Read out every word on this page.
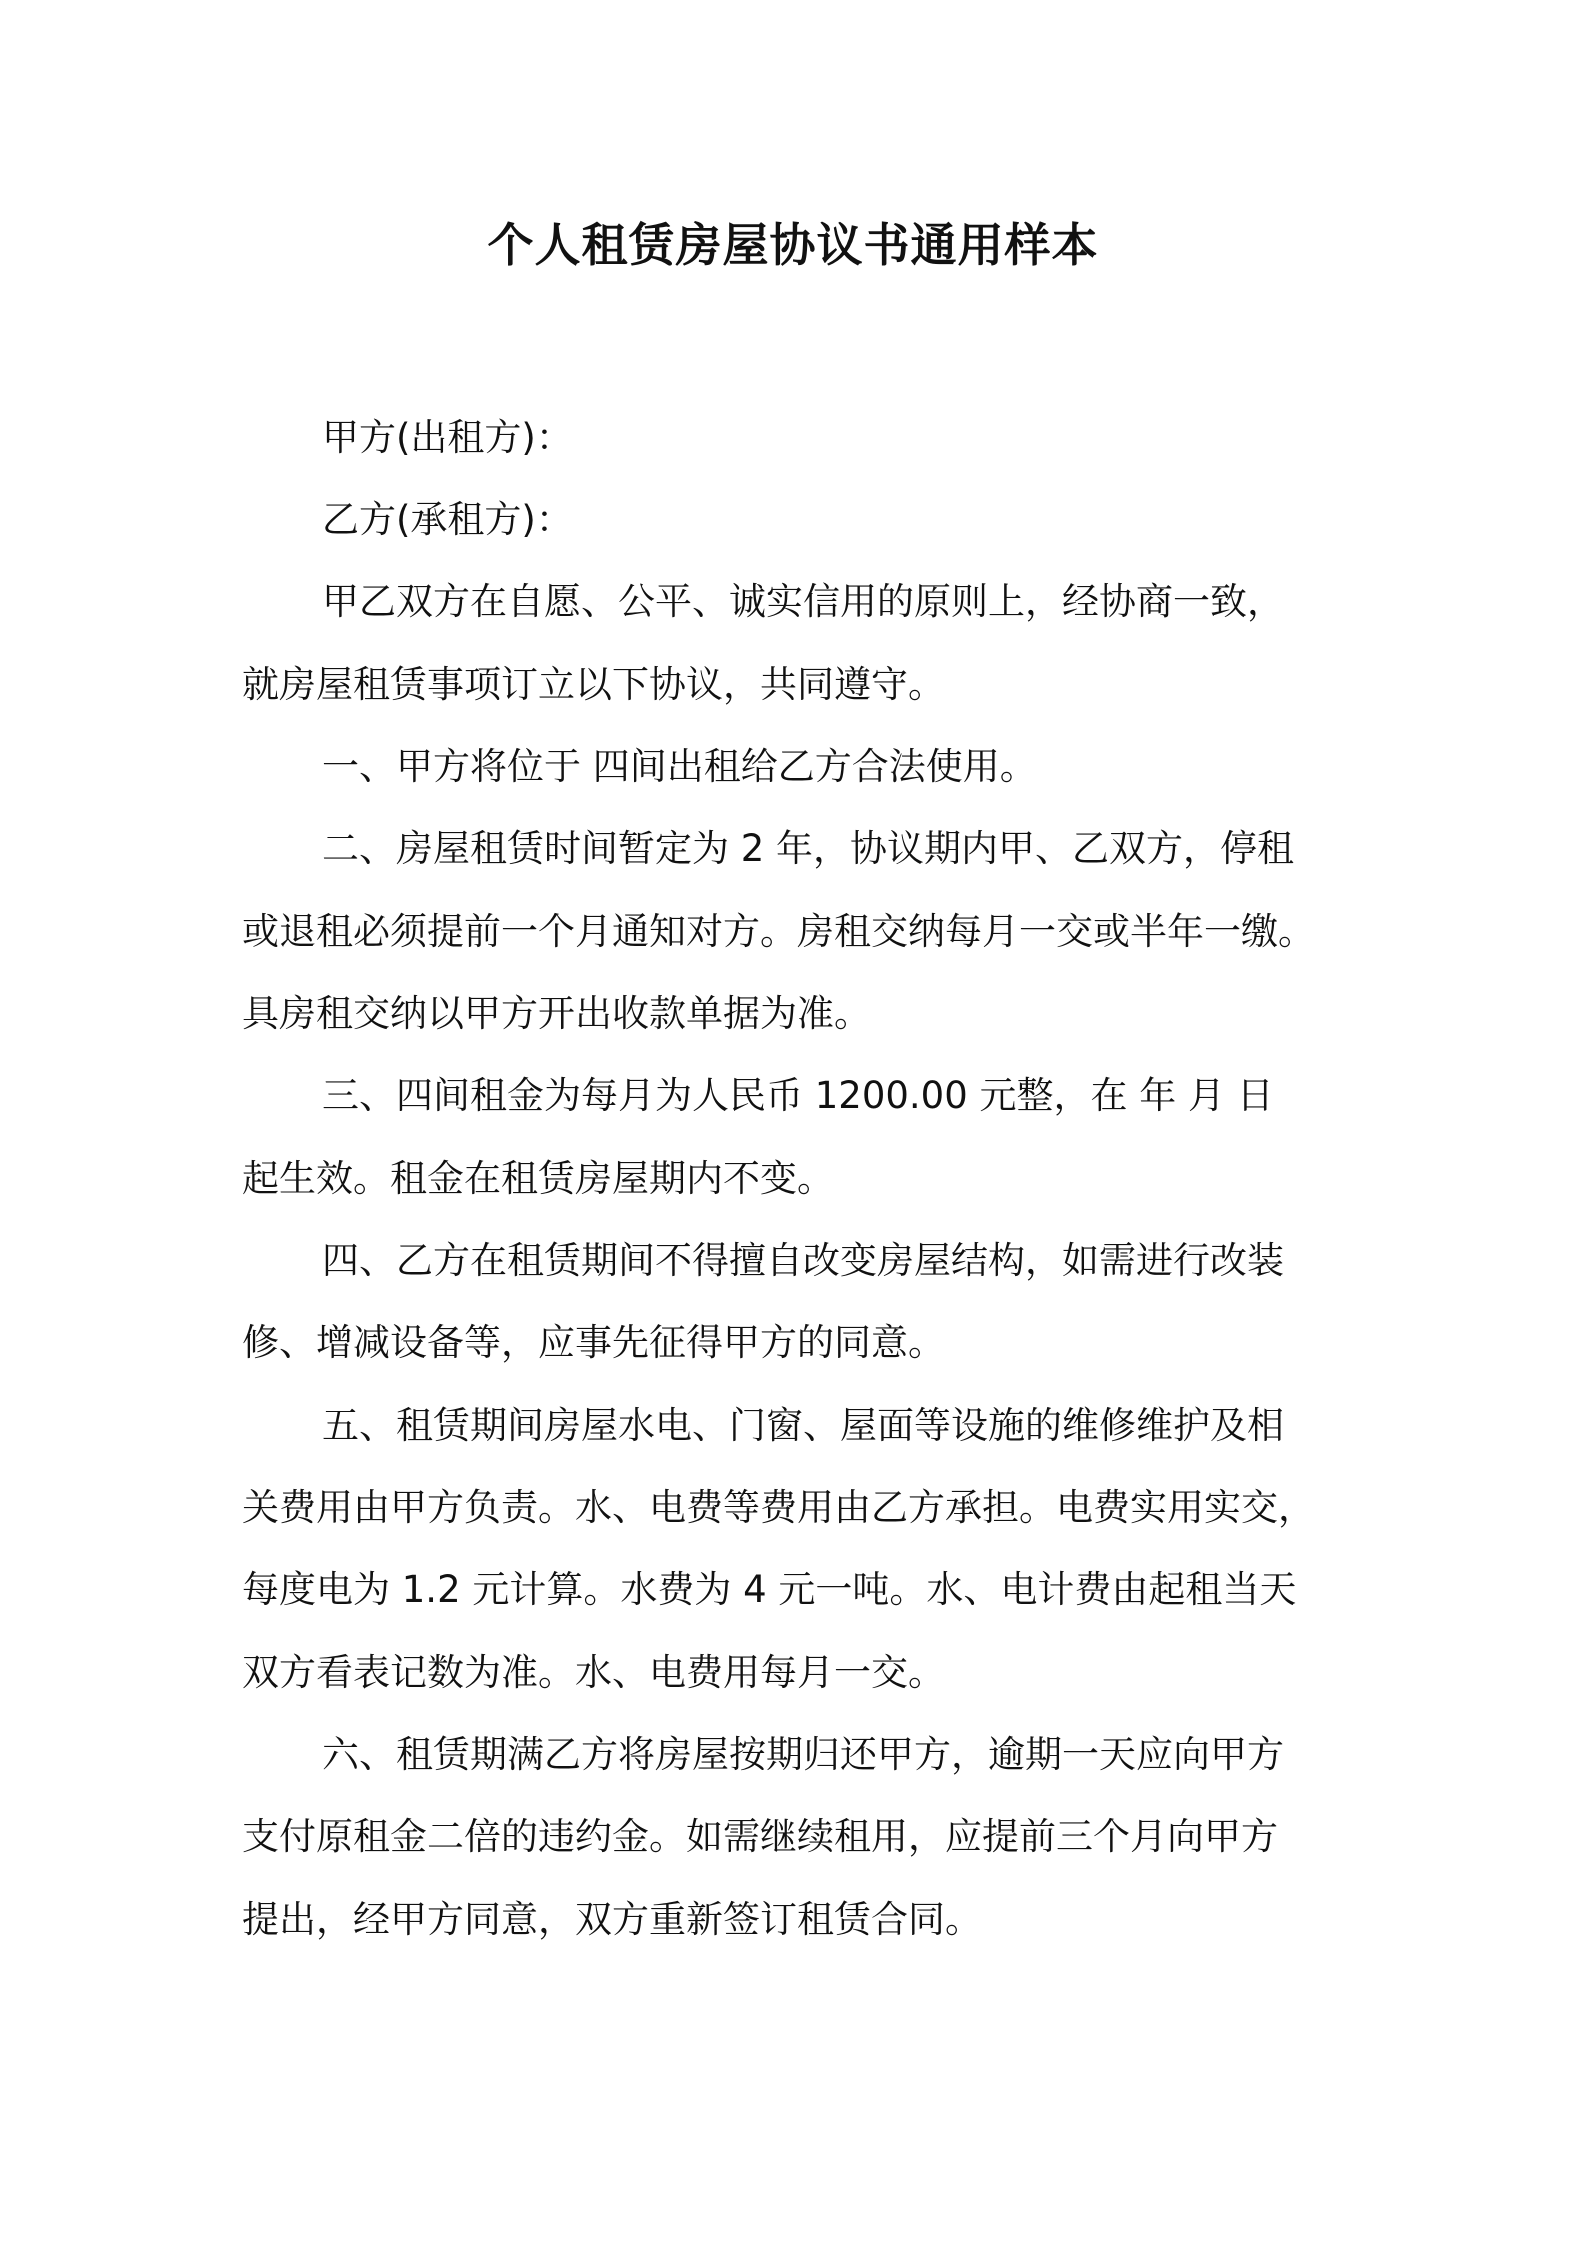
个人租赁房屋协议书通用样本
甲方(出租方)：
乙方(承租方)：
甲乙双方在自愿、公平、诚实信用的原则上，经协商一致，
就房屋租赁事项订立以下协议，共同遵守。
一、甲方将位于 四间出租给乙方合法使用。
二、房屋租赁时间暂定为 2 年，协议期内甲、乙双方，停租
或退租必须提前一个月通知对方。房租交纳每月一交或半年一缴。
具房租交纳以甲方开出收款单据为准。
三、四间租金为每月为人民币 1200.00 元整，在 年 月 日
起生效。租金在租赁房屋期内不变。
四、乙方在租赁期间不得擅自改变房屋结构，如需进行改装
修、增减设备等，应事先征得甲方的同意。
五、租赁期间房屋水电、门窗、屋面等设施的维修维护及相
关费用由甲方负责。水、电费等费用由乙方承担。电费实用实交，
每度电为 1.2 元计算。水费为 4 元一吨。水、电计费由起租当天
双方看表记数为准。水、电费用每月一交。
六、租赁期满乙方将房屋按期归还甲方，逾期一天应向甲方
支付原租金二倍的违约金。如需继续租用，应提前三个月向甲方
提出，经甲方同意，双方重新签订租赁合同。
